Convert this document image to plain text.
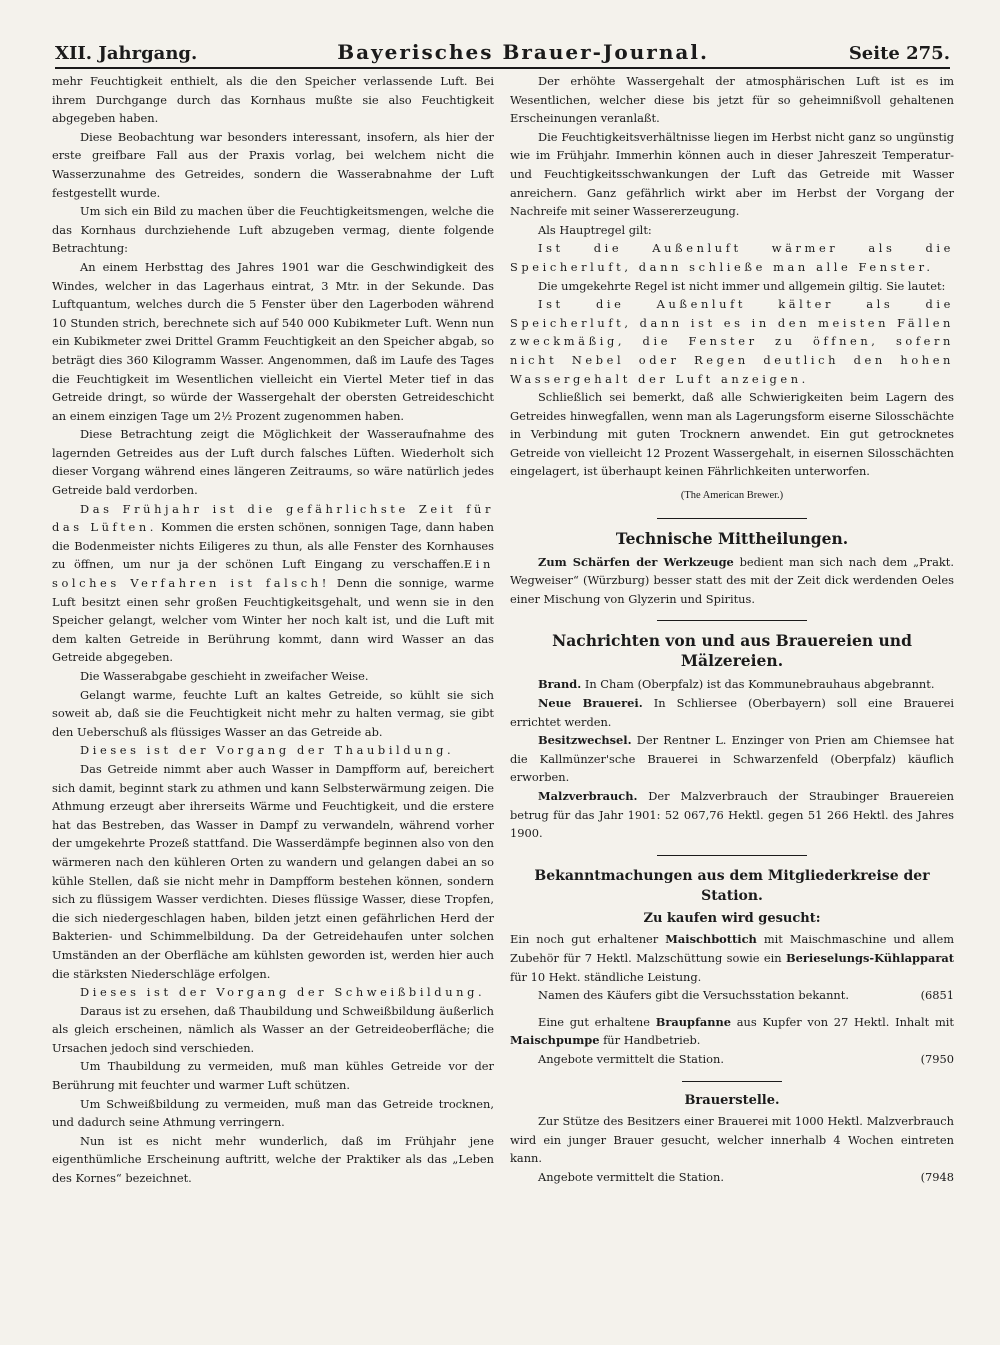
XII. Jahrgang.	Bayerisches Brauer-Journal.	Seite 275.

mehr Feuchtigkeit enthielt, als die den Speicher verlassende Luft. Bei ihrem Durchgange durch das Kornhaus mußte sie also Feuchtigkeit abgegeben haben.

Diese Beobachtung war besonders interessant, insofern, als hier der erste greifbare Fall aus der Praxis vorlag, bei welchem nicht die Wasserzunahme des Getreides, sondern die Wasserabnahme der Luft festgestellt wurde.

Um sich ein Bild zu machen über die Feuchtigkeitsmengen, welche die das Kornhaus durchziehende Luft abzugeben vermag, diente folgende Betrachtung:

An einem Herbsttag des Jahres 1901 war die Geschwindigkeit des Windes, welcher in das Lagerhaus eintrat, 3 Mtr. in der Sekunde. Das Luftquantum, welches durch die 5 Fenster über den Lagerboden während 10 Stunden strich, berechnete sich auf 540 000 Kubikmeter Luft. Wenn nun ein Kubikmeter zwei Drittel Gramm Feuchtigkeit an den Speicher abgab, so beträgt dies 360 Kilogramm Wasser. Angenommen, daß im Laufe des Tages die Feuchtigkeit im Wesentlichen vielleicht ein Viertel Meter tief in das Getreide dringt, so würde der Wassergehalt der obersten Getreideschicht an einem einzigen Tage um 2½ Prozent zugenommen haben.

Diese Betrachtung zeigt die Möglichkeit der Wasseraufnahme des lagernden Getreides aus der Luft durch falsches Lüften. Wiederholt sich dieser Vorgang während eines längeren Zeitraums, so wäre natürlich jedes Getreide bald verdorben.

Das Frühjahr ist die gefährlichste Zeit für das Lüften. Kommen die ersten schönen, sonnigen Tage, dann haben die Bodenmeister nichts Eiligeres zu thun, als alle Fenster des Kornhauses zu öffnen, um nur ja der schönen Luft Eingang zu verschaffen.Ein solches Verfahren ist falsch! Denn die sonnige, warme Luft besitzt einen sehr großen Feuchtigkeitsgehalt, und wenn sie in den Speicher gelangt, welcher vom Winter her noch kalt ist, und die Luft mit dem kalten Getreide in Berührung kommt, dann wird Wasser an das Getreide abgegeben.

Die Wasserabgabe geschieht in zweifacher Weise.

Gelangt warme, feuchte Luft an kaltes Getreide, so kühlt sie sich soweit ab, daß sie die Feuchtigkeit nicht mehr zu halten vermag, sie gibt den Ueberschuß als flüssiges Wasser an das Getreide ab.

Dieses ist der Vorgang der Thaubildung.

Das Getreide nimmt aber auch Wasser in Dampfform auf, bereichert sich damit, beginnt stark zu athmen und kann Selbsterwärmung zeigen. Die Athmung erzeugt aber ihrerseits Wärme und Feuchtigkeit, und die erstere hat das Bestreben, das Wasser in Dampf zu verwandeln, während vorher der umgekehrte Prozeß stattfand. Die Wasserdämpfe beginnen also von den wärmeren nach den kühleren Orten zu wandern und gelangen dabei an so kühle Stellen, daß sie nicht mehr in Dampfform bestehen können, sondern sich zu flüssigem Wasser verdichten. Dieses flüssige Wasser, diese Tropfen, die sich niedergeschlagen haben, bilden jetzt einen gefährlichen Herd der Bakterien- und Schimmelbildung. Da der Getreidehaufen unter solchen Umständen an der Oberfläche am kühlsten geworden ist, werden hier auch die stärksten Niederschläge erfolgen.

Dieses ist der Vorgang der Schweißbildung.

Daraus ist zu ersehen, daß Thaubildung und Schweißbildung äußerlich als gleich erscheinen, nämlich als Wasser an der Getreideoberfläche; die Ursachen jedoch sind verschieden.

Um Thaubildung zu vermeiden, muß man kühles Getreide vor der Berührung mit feuchter und warmer Luft schützen.

Um Schweißbildung zu vermeiden, muß man das Getreide trocknen, und dadurch seine Athmung verringern.

Nun ist es nicht mehr wunderlich, daß im Frühjahr jene eigenthümliche Erscheinung auftritt, welche der Praktiker als das „Leben des Kornes“ bezeichnet.

Der erhöhte Wassergehalt der atmosphärischen Luft ist es im Wesentlichen, welcher diese bis jetzt für so geheimnißvoll gehaltenen Erscheinungen veranlaßt.

Die Feuchtigkeitsverhältnisse liegen im Herbst nicht ganz so ungünstig wie im Frühjahr. Immerhin können auch in dieser Jahreszeit Temperatur- und Feuchtigkeitsschwankungen der Luft das Getreide mit Wasser anreichern. Ganz gefährlich wirkt aber im Herbst der Vorgang der Nachreife mit seiner Wassererzeugung.

Als Hauptregel gilt:

Ist die Außenluft wärmer als die Speicherluft, dann schließe man alle Fenster.

Die umgekehrte Regel ist nicht immer und allgemein giltig. Sie lautet:

Ist die Außenluft kälter als die Speicherluft, dann ist es in den meisten Fällen zweckmäßig, die Fenster zu öffnen, sofern nicht Nebel oder Regen deutlich den hohen Wassergehalt der Luft anzeigen.

Schließlich sei bemerkt, daß alle Schwierigkeiten beim Lagern des Getreides hinwegfallen, wenn man als Lagerungsform eiserne Silosschächte in Verbindung mit guten Trocknern anwendet. Ein gut getrocknetes Getreide von vielleicht 12 Prozent Wassergehalt, in eisernen Silosschächten eingelagert, ist überhaupt keinen Fährlichkeiten unterworfen.

(The American Brewer.)
Technische Mittheilungen.

Zum Schärfen der Werkzeuge bedient man sich nach dem „Prakt. Wegweiser“ (Würzburg) besser statt des mit der Zeit dick werdenden Oeles einer Mischung von Glyzerin und Spiritus.

Nachrichten von und aus Brauereien und Mälzereien.

Brand. In Cham (Oberpfalz) ist das Kommunebrauhaus abgebrannt.

Neue Brauerei. In Schliersee (Oberbayern) soll eine Brauerei errichtet werden.

Besitzwechsel. Der Rentner L. Enzinger von Prien am Chiemsee hat die Kallmünzer'sche Brauerei in Schwarzenfeld (Oberpfalz) käuflich erworben.

Malzverbrauch. Der Malzverbrauch der Straubinger Brauereien betrug für das Jahr 1901: 52 067,76 Hektl. gegen 51 266 Hektl. des Jahres 1900.

Bekanntmachungen aus dem Mitgliederkreise der Station.
Zu kaufen wird gesucht:

Ein noch gut erhaltener Maischbottich mit Maischmaschine und allem Zubehör für 7 Hektl. Malzschüttung sowie ein Berieselungs-Kühlapparat für 10 Hekt. ständliche Leistung.

Namen des Käufers gibt die Versuchsstation bekannt.	(6851

Eine gut erhaltene Braupfanne aus Kupfer von 27 Hektl. Inhalt mit Maischpumpe für Handbetrieb.

Angebote vermittelt die Station.	(7950

Brauerstelle.

Zur Stütze des Besitzers einer Brauerei mit 1000 Hektl. Malzverbrauch wird ein junger Brauer gesucht, welcher innerhalb 4 Wochen eintreten kann.

Angebote vermittelt die Station.	(7948
